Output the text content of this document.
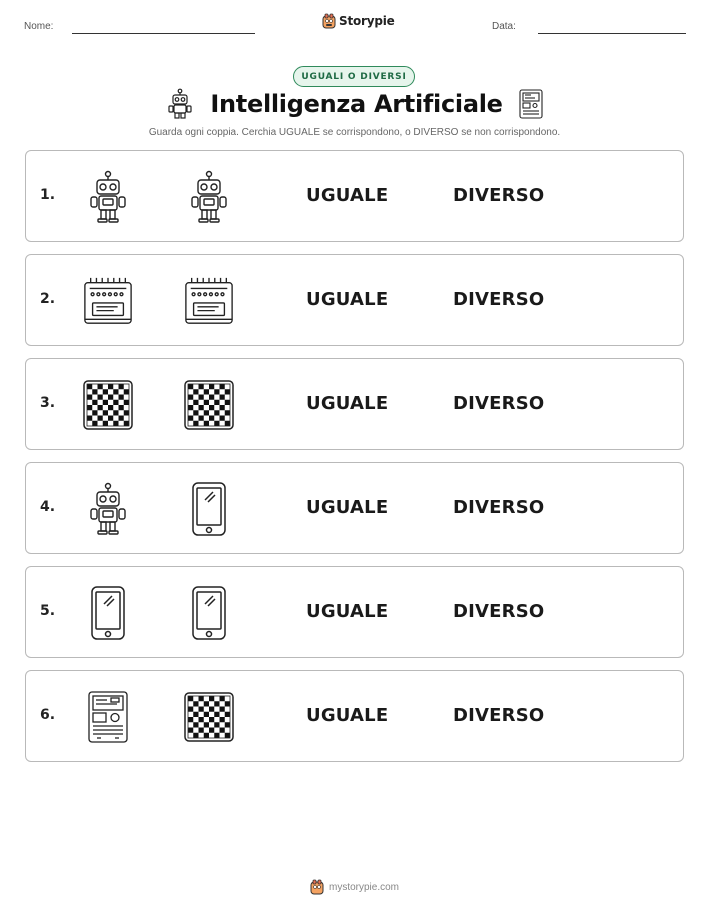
Nome:	Storypie	Data:
UGUALI O DIVERSI
Intelligenza Artificiale
Guarda ogni coppia. Cerchia UGUALE se corrispondono, o DIVERSO se non corrispondono.
1.	UGUALE	DIVERSO
2.	UGUALE	DIVERSO
3.	UGUALE	DIVERSO
4.	UGUALE	DIVERSO
5.	UGUALE	DIVERSO
6.	UGUALE	DIVERSO
mystorypie.com
